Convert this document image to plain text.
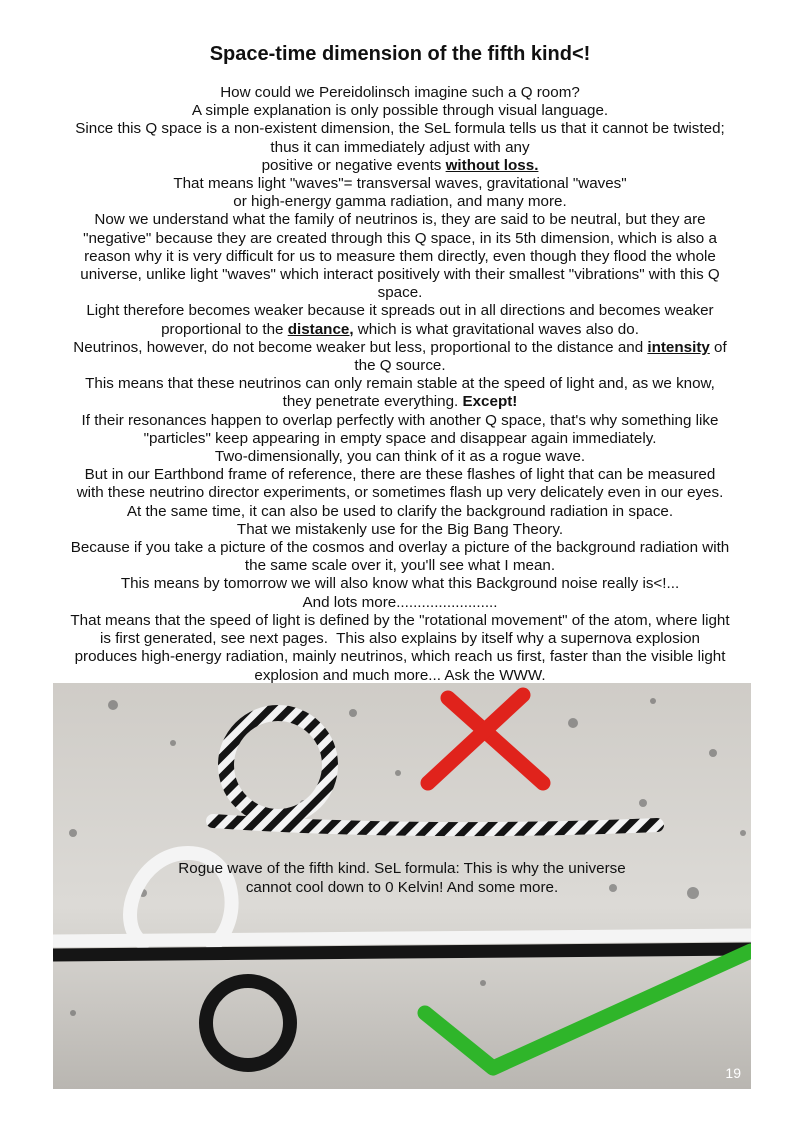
Space-time dimension of the fifth kind<!
How could we Pereidolinsch imagine such a Q room?
A simple explanation is only possible through visual language.
Since this Q space is a non-existent dimension, the SeL formula tells us that it cannot be twisted;
thus it can immediately adjust with any
positive or negative events without loss.
That means light "waves"= transversal waves, gravitational "waves"
or high-energy gamma radiation, and many more.
Now we understand what the family of neutrinos is, they are said to be neutral, but they are
"negative" because they are created through this Q space, in its 5th dimension, which is also a
reason why it is very difficult for us to measure them directly, even though they flood the whole
universe, unlike light "waves" which interact positively with their smallest "vibrations" with this Q
space.
Light therefore becomes weaker because it spreads out in all directions and becomes weaker
proportional to the distance, which is what gravitational waves also do.
Neutrinos, however, do not become weaker but less, proportional to the distance and intensity of
the Q source.
This means that these neutrinos can only remain stable at the speed of light and, as we know,
they penetrate everything. Except!
If their resonances happen to overlap perfectly with another Q space, that's why something like
"particles" keep appearing in empty space and disappear again immediately.
Two-dimensionally, you can think of it as a rogue wave.
But in our Earthbond frame of reference, there are these flashes of light that can be measured
with these neutrino director experiments, or sometimes flash up very delicately even in our eyes.
At the same time, it can also be used to clarify the background radiation in space.
That we mistakenly use for the Big Bang Theory.
Because if you take a picture of the cosmos and overlay a picture of the background radiation with
the same scale over it, you'll see what I mean.
This means by tomorrow we will also know what this Background noise really is<!...
And lots more........................
That means that the speed of light is defined by the "rotational movement" of the atom, where light
is first generated, see next pages.  This also explains by itself why a supernova explosion
produces high-energy radiation, mainly neutrinos, which reach us first, faster than the visible light
explosion and much more... Ask the WWW.
Rogue wave of the fifth kind. SeL formula: This is why the universe
cannot cool down to 0 Kelvin! And some more.
19
